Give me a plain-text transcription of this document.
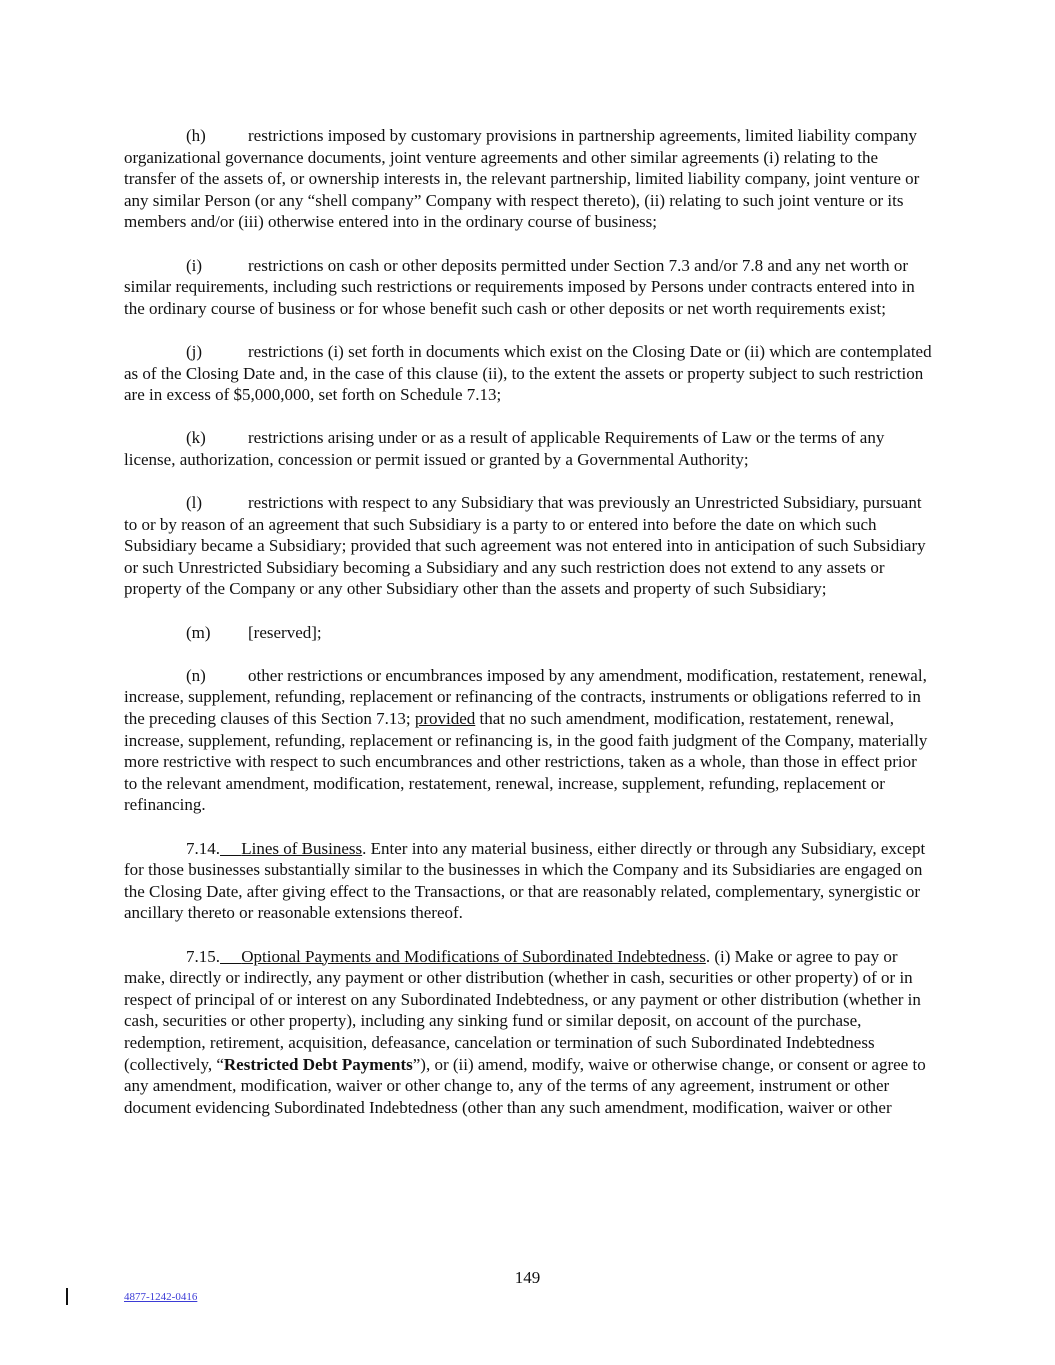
(h) restrictions imposed by customary provisions in partnership agreements, limited liability company organizational governance documents, joint venture agreements and other similar agreements (i) relating to the transfer of the assets of, or ownership interests in, the relevant partnership, limited liability company, joint venture or any similar Person (or any “shell company” Company with respect thereto), (ii) relating to such joint venture or its members and/or (iii) otherwise entered into in the ordinary course of business;

(i)	restrictions on cash or other deposits permitted under Section 7.3 and/or 7.8 and any net worth or similar requirements, including such restrictions or requirements imposed by Persons under contracts entered into in the ordinary course of business or for whose benefit such cash or other deposits or net worth requirements exist;

(j)	restrictions (i) set forth in documents which exist on the Closing Date or (ii) which are contemplated as of the Closing Date and, in the case of this clause (ii), to the extent the assets or property subject to such restriction are in excess of $5,000,000, set forth on Schedule 7.13;

(k) restrictions arising under or as a result of applicable Requirements of Law or the terms of any license, authorization, concession or permit issued or granted by a Governmental Authority;

(l)	restrictions with respect to any Subsidiary that was previously an Unrestricted Subsidiary, pursuant to or by reason of an agreement that such Subsidiary is a party to or entered into before the date on which such Subsidiary became a Subsidiary; provided that such agreement was not entered into in anticipation of such Subsidiary or such Unrestricted Subsidiary becoming a Subsidiary and any such restriction does not extend to any assets or property of the Company or any other Subsidiary other than the assets and property of such Subsidiary;

(m) [reserved];

(n) other restrictions or encumbrances imposed by any amendment, modification, restatement, renewal, increase, supplement, refunding, replacement or refinancing of the contracts, instruments or obligations referred to in the preceding clauses of this Section 7.13; provided that no such amendment, modification, restatement, renewal, increase, supplement, refunding, replacement or refinancing is, in the good faith judgment of the Company, materially more restrictive with respect to such encumbrances and other restrictions, taken as a whole, than those in effect prior to the relevant amendment, modification, restatement, renewal, increase, supplement, refunding, replacement or refinancing.

7.14. Lines of Business. Enter into any material business, either directly or through any Subsidiary, except for those businesses substantially similar to the businesses in which the Company and its Subsidiaries are engaged on the Closing Date, after giving effect to the Transactions, or that are reasonably related, complementary, synergistic or ancillary thereto or reasonable extensions thereof.

7.15. Optional Payments and Modifications of Subordinated Indebtedness. (i) Make or agree to pay or make, directly or indirectly, any payment or other distribution (whether in cash, securities or other property) of or in respect of principal of or interest on any Subordinated Indebtedness, or any payment or other distribution (whether in cash, securities or other property), including any sinking fund or similar deposit, on account of the purchase, redemption, retirement, acquisition, defeasance, cancelation or termination of such Subordinated Indebtedness (collectively, “Restricted Debt Payments”), or (ii) amend, modify, waive or otherwise change, or consent or agree to any amendment, modification, waiver or other change to, any of the terms of any agreement, instrument or other document evidencing Subordinated Indebtedness (other than any such amendment, modification, waiver or other

149
4877-1242-0416
